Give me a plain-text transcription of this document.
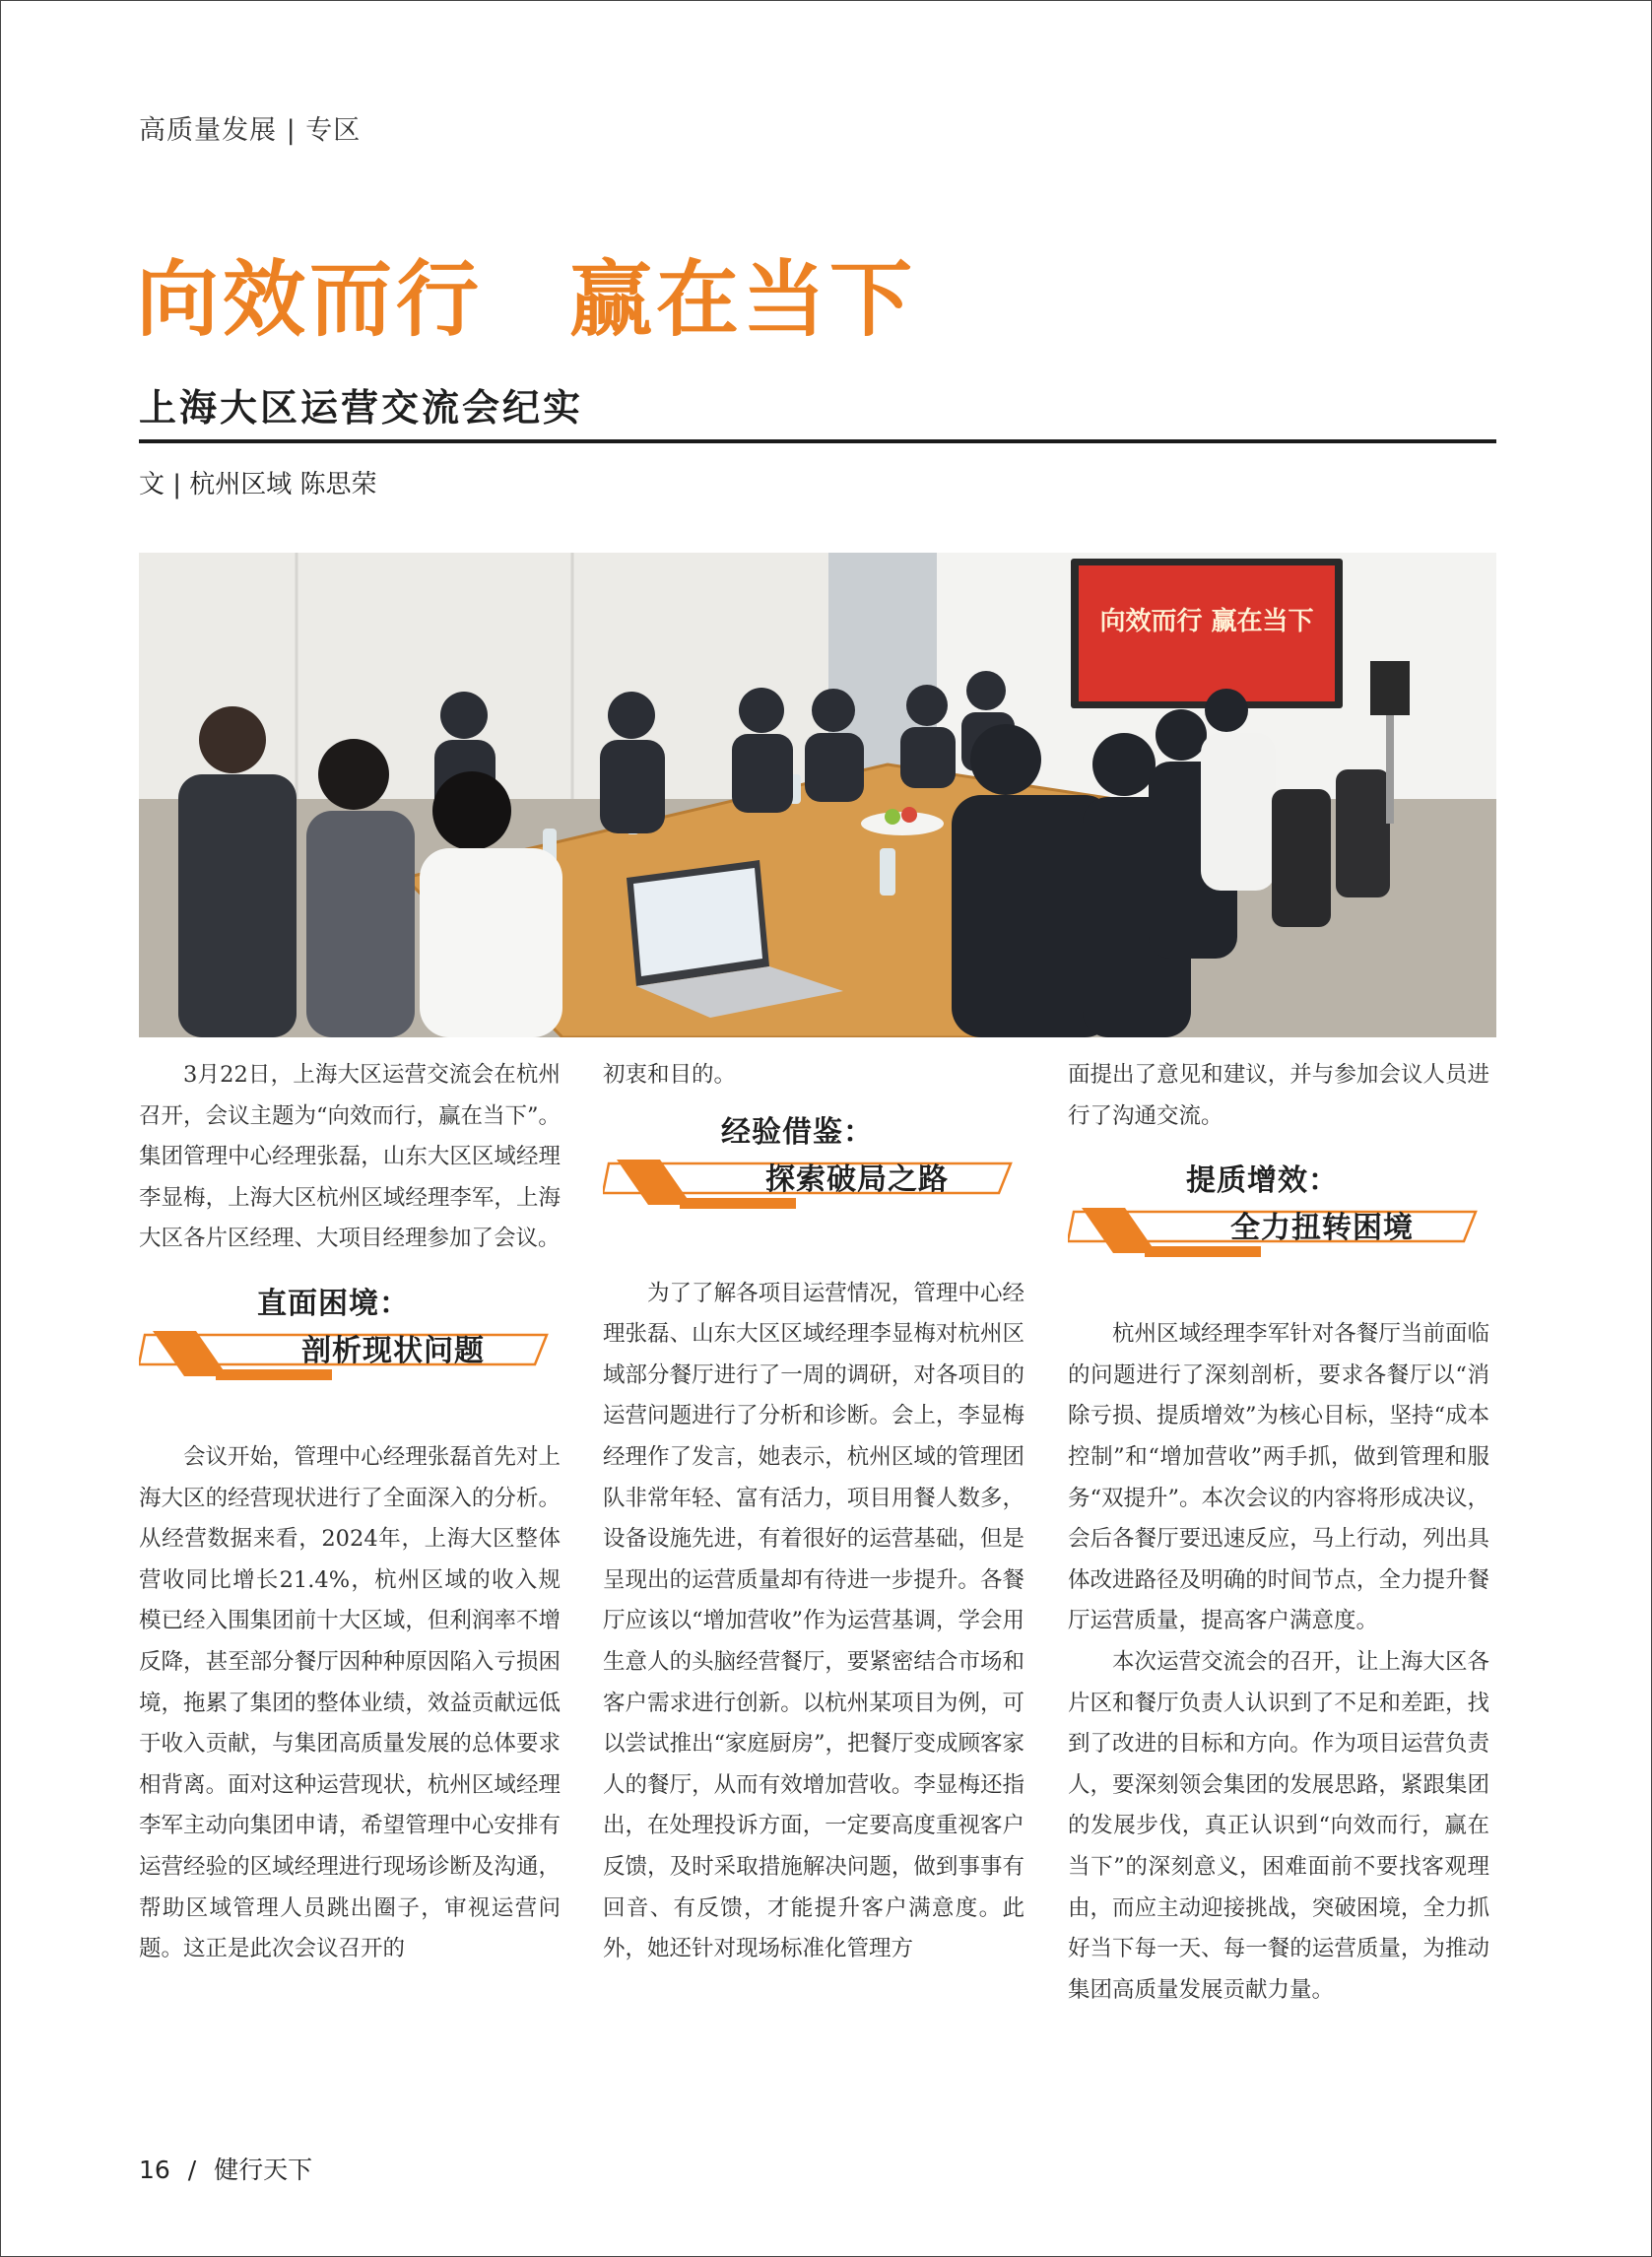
高质量发展 | 专区
向效而行　赢在当下
上海大区运营交流会纪实
文 | 杭州区域 陈思荣
向效而行 赢在当下

3月22日，上海大区运营交流会在杭州召开，会议主题为“向效而行，赢在当下”。集团管理中心经理张磊，山东大区区域经理李显梅，上海大区杭州区域经理李军，上海大区各片区经理、大项目经理参加了会议。

直面困境：
剖析现状问题

会议开始，管理中心经理张磊首先对上海大区的经营现状进行了全面深入的分析。从经营数据来看，2024年，上海大区整体营收同比增长21.4%，杭州区域的收入规模已经入围集团前十大区域，但利润率不增反降，甚至部分餐厅因种种原因陷入亏损困境，拖累了集团的整体业绩，效益贡献远低于收入贡献，与集团高质量发展的总体要求相背离。面对这种运营现状，杭州区域经理李军主动向集团申请，希望管理中心安排有运营经验的区域经理进行现场诊断及沟通，帮助区域管理人员跳出圈子，审视运营问题。这正是此次会议召开的

初衷和目的。

经验借鉴：
探索破局之路

为了了解各项目运营情况，管理中心经理张磊、山东大区区域经理李显梅对杭州区域部分餐厅进行了一周的调研，对各项目的运营问题进行了分析和诊断。会上，李显梅经理作了发言，她表示，杭州区域的管理团队非常年轻、富有活力，项目用餐人数多，设备设施先进，有着很好的运营基础，但是呈现出的运营质量却有待进一步提升。各餐厅应该以“增加营收”作为运营基调，学会用生意人的头脑经营餐厅，要紧密结合市场和客户需求进行创新。以杭州某项目为例，可以尝试推出“家庭厨房”，把餐厅变成顾客家人的餐厅，从而有效增加营收。李显梅还指出，在处理投诉方面，一定要高度重视客户反馈，及时采取措施解决问题，做到事事有回音、有反馈，才能提升客户满意度。此外，她还针对现场标准化管理方

面提出了意见和建议，并与参加会议人员进行了沟通交流。

提质增效：
全力扭转困境

杭州区域经理李军针对各餐厅当前面临的问题进行了深刻剖析，要求各餐厅以“消除亏损、提质增效”为核心目标，坚持“成本控制”和“增加营收”两手抓，做到管理和服务“双提升”。本次会议的内容将形成决议，会后各餐厅要迅速反应，马上行动，列出具体改进路径及明确的时间节点，全力提升餐厅运营质量，提高客户满意度。

本次运营交流会的召开，让上海大区各片区和餐厅负责人认识到了不足和差距，找到了改进的目标和方向。作为项目运营负责人，要深刻领会集团的发展思路，紧跟集团的发展步伐，真正认识到“向效而行，赢在当下”的深刻意义，困难面前不要找客观理由，而应主动迎接挑战，突破困境，全力抓好当下每一天、每一餐的运营质量，为推动集团高质量发展贡献力量。

16 / 健行天下
